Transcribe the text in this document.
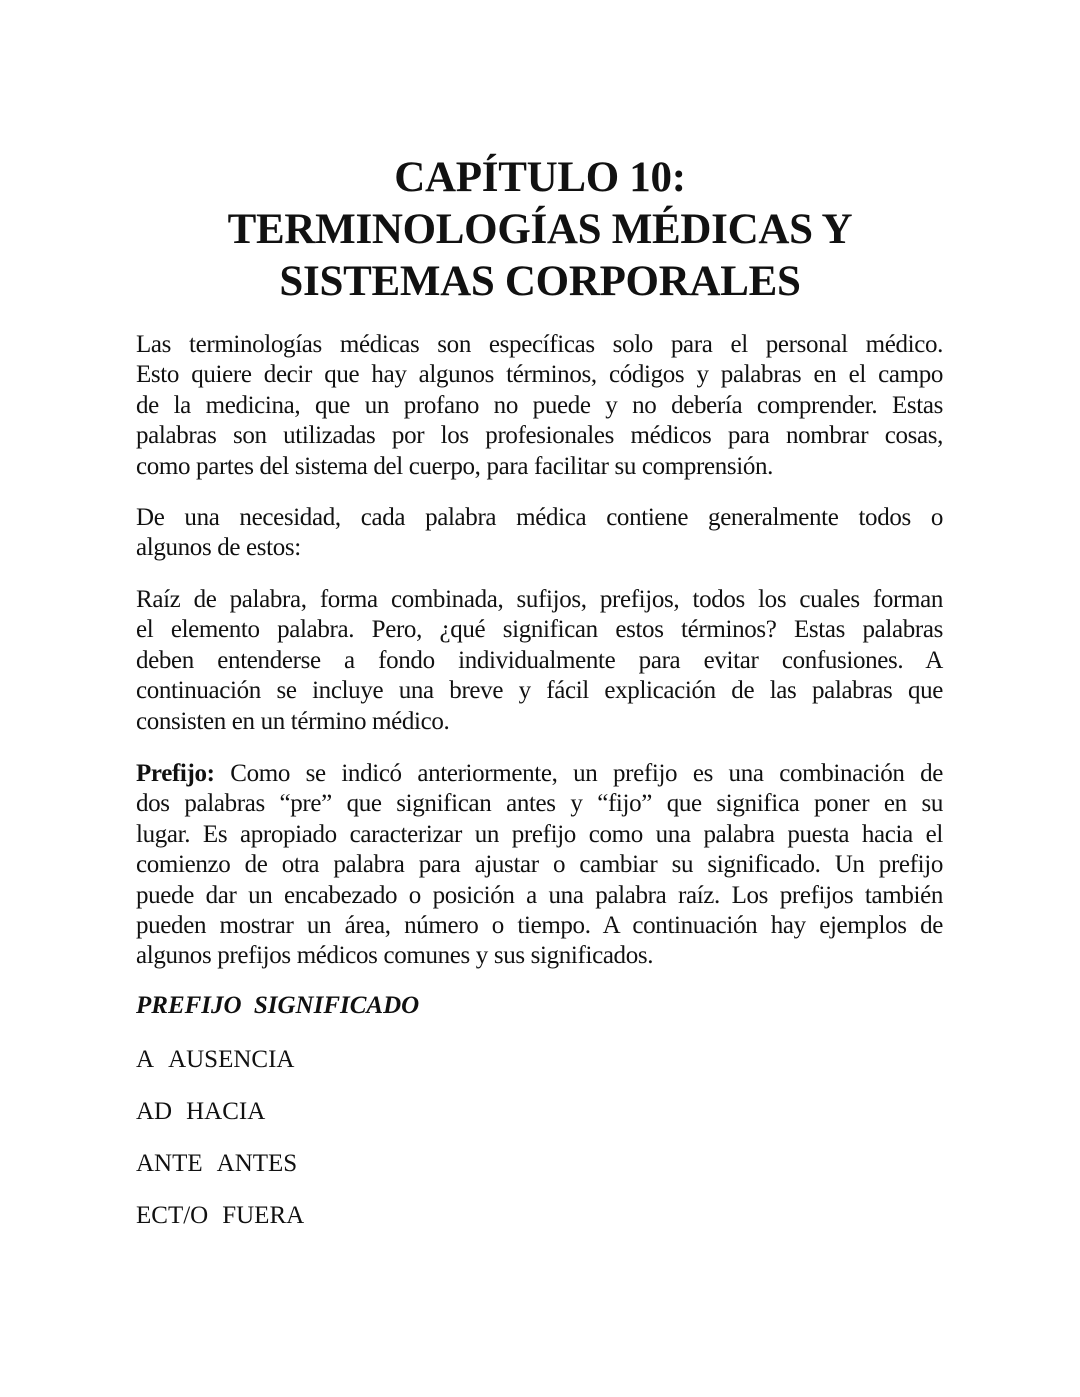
CAPÍTULO 10:
TERMINOLOGÍAS MÉDICAS Y
SISTEMAS CORPORALES
Las terminologías médicas son específicas solo para el personal médico.
Esto quiere decir que hay algunos términos, códigos y palabras en el campo
de la medicina, que un profano no puede y no debería comprender. Estas
palabras son utilizadas por los profesionales médicos para nombrar cosas,
como partes del sistema del cuerpo, para facilitar su comprensión.
De una necesidad, cada palabra médica contiene generalmente todos o
algunos de estos:
Raíz de palabra, forma combinada, sufijos, prefijos, todos los cuales forman
el elemento palabra. Pero, ¿qué significan estos términos? Estas palabras
deben entenderse a fondo individualmente para evitar confusiones. A
continuación se incluye una breve y fácil explicación de las palabras que
consisten en un término médico.
Prefijo: Como se indicó anteriormente, un prefijo es una combinación de
dos palabras “pre” que significan antes y “fijo” que significa poner en su
lugar. Es apropiado caracterizar un prefijo como una palabra puesta hacia el
comienzo de otra palabra para ajustar o cambiar su significado. Un prefijo
puede dar un encabezado o posición a una palabra raíz. Los prefijos también
pueden mostrar un área, número o tiempo. A continuación hay ejemplos de
algunos prefijos médicos comunes y sus significados.
PREFIJO SIGNIFICADO
A AUSENCIA
AD HACIA
ANTE ANTES
ECT/O FUERA
